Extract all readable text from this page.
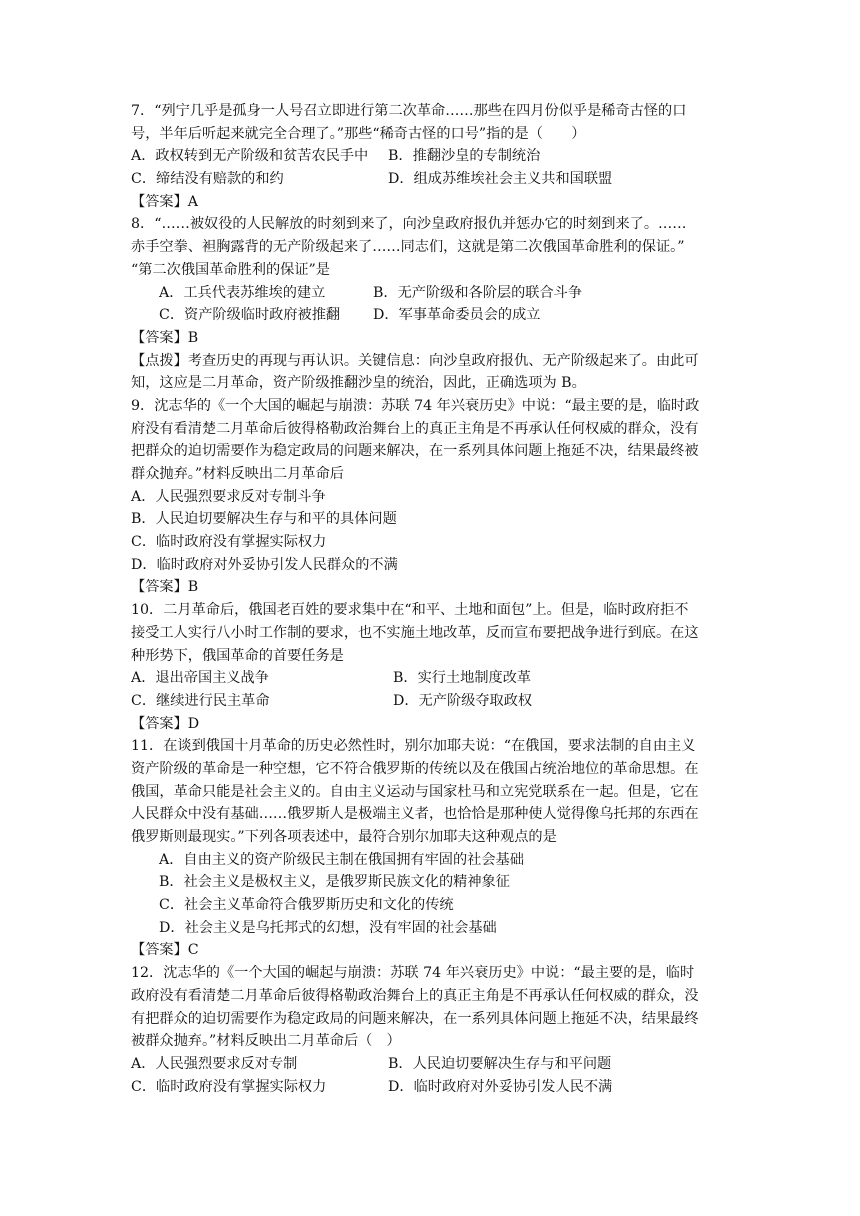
7．“列宁几乎是孤身一人号召立即进行第二次革命……那些在四月份似乎是稀奇古怪的口
号，半年后听起来就完全合理了。”那些“稀奇古怪的口号”指的是（　　）
A．政权转到无产阶级和贫苦农民手中	B．推翻沙皇的专制统治
C．缔结没有赔款的和约	D．组成苏维埃社会主义共和国联盟
【答案】A
8．“……被奴役的人民解放的时刻到来了，向沙皇政府报仇并惩办它的时刻到来了。……
赤手空拳、袒胸露背的无产阶级起来了……同志们，这就是第二次俄国革命胜利的保证。”
“第二次俄国革命胜利的保证”是
A．工兵代表苏维埃的建立	B．无产阶级和各阶层的联合斗争
C．资产阶级临时政府被推翻	D．军事革命委员会的成立
【答案】B
【点拨】考查历史的再现与再认识。关键信息：向沙皇政府报仇、无产阶级起来了。由此可
知，这应是二月革命，资产阶级推翻沙皇的统治，因此，正确选项为 B。
9．沈志华的《一个大国的崛起与崩溃：苏联 74 年兴衰历史》中说：“最主要的是，临时政
府没有看清楚二月革命后彼得格勒政治舞台上的真正主角是不再承认任何权威的群众，没有
把群众的迫切需要作为稳定政局的问题来解决，在一系列具体问题上拖延不决，结果最终被
群众抛弃。”材料反映出二月革命后
A．人民强烈要求反对专制斗争
B．人民迫切要解决生存与和平的具体问题
C．临时政府没有掌握实际权力
D．临时政府对外妥协引发人民群众的不满
【答案】B
10．二月革命后，俄国老百姓的要求集中在“和平、土地和面包”上。但是，临时政府拒不
接受工人实行八小时工作制的要求，也不实施土地改革，反而宣布要把战争进行到底。在这
种形势下，俄国革命的首要任务是
A．退出帝国主义战争	B．实行土地制度改革
C．继续进行民主革命	D．无产阶级夺取政权
【答案】D
11．在谈到俄国十月革命的历史必然性时，别尔加耶夫说：“在俄国，要求法制的自由主义
资产阶级的革命是一种空想，它不符合俄罗斯的传统以及在俄国占统治地位的革命思想。在
俄国，革命只能是社会主义的。自由主义运动与国家杜马和立宪党联系在一起。但是，它在
人民群众中没有基础……俄罗斯人是极端主义者，也恰恰是那种使人觉得像乌托邦的东西在
俄罗斯则最现实。”下列各项表述中，最符合别尔加耶夫这种观点的是
A．自由主义的资产阶级民主制在俄国拥有牢固的社会基础
B．社会主义是极权主义，是俄罗斯民族文化的精神象征
C．社会主义革命符合俄罗斯历史和文化的传统
D．社会主义是乌托邦式的幻想，没有牢固的社会基础
【答案】C
12．沈志华的《一个大国的崛起与崩溃：苏联 74 年兴衰历史》中说：“最主要的是，临时
政府没有看清楚二月革命后彼得格勒政治舞台上的真正主角是不再承认任何权威的群众，没
有把群众的迫切需要作为稳定政局的问题来解决，在一系列具体问题上拖延不决，结果最终
被群众抛弃。”材料反映出二月革命后（　）
A．人民强烈要求反对专制	B．人民迫切要解决生存与和平问题
C．临时政府没有掌握实际权力	D．临时政府对外妥协引发人民不满
